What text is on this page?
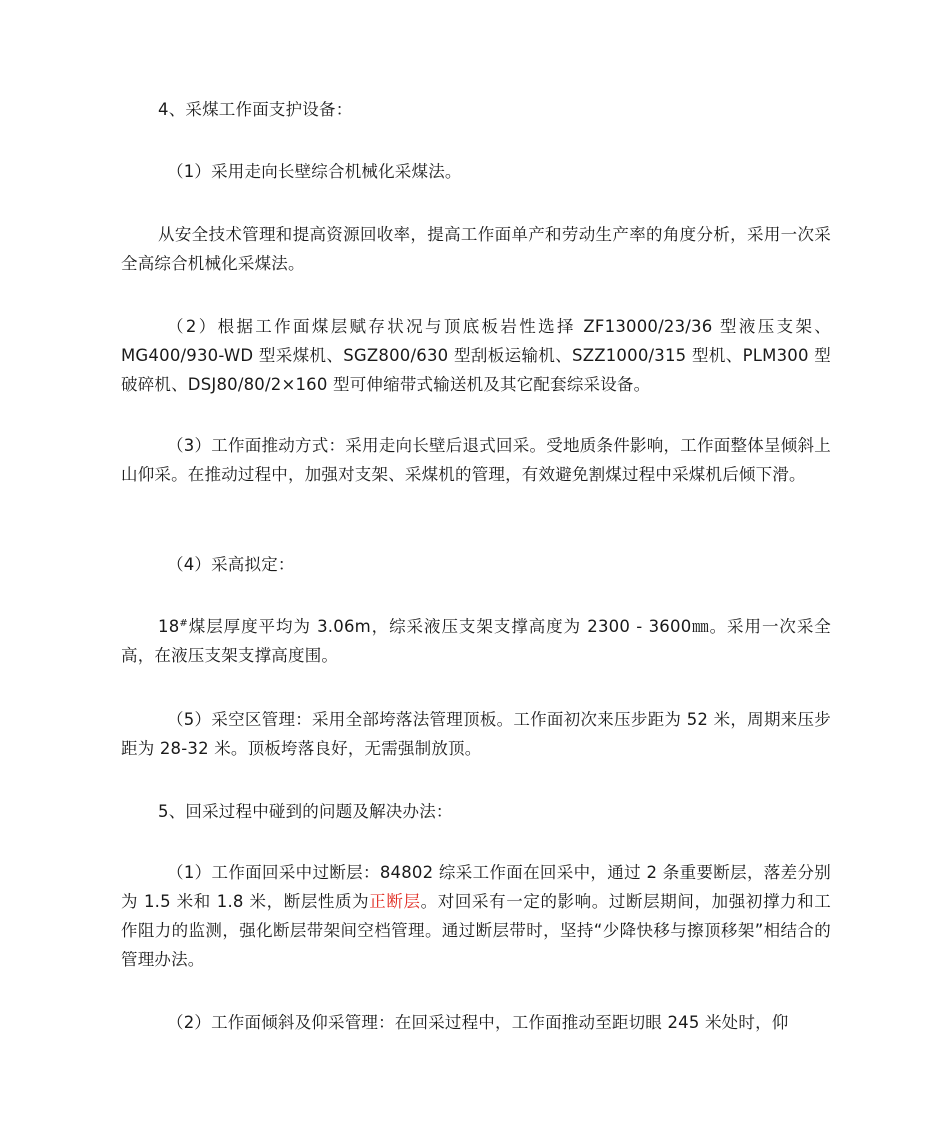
4、采煤工作面支护设备：

（1）采用走向长壁综合机械化采煤法。

从安全技术管理和提高资源回收率，提高工作面单产和劳动生产率的角度分析，采用一次采全高综合机械化采煤法。

（2）根据工作面煤层赋存状况与顶底板岩性选择 ZF13000/23/36 型液压支架、MG400/930-WD 型采煤机、SGZ800/630 型刮板运输机、SZZ1000/315 型机、PLM300 型破碎机、DSJ80/80/2×160 型可伸缩带式输送机及其它配套综采设备。

（3）工作面推动方式：采用走向长壁后退式回采。受地质条件影响，工作面整体呈倾斜上山仰采。在推动过程中，加强对支架、采煤机的管理，有效避免割煤过程中采煤机后倾下滑。

（4）采高拟定：

18#煤层厚度平均为 3.06m，综采液压支架支撑高度为 2300 - 3600㎜。采用一次采全高，在液压支架支撑高度围。

（5）采空区管理：采用全部垮落法管理顶板。工作面初次来压步距为 52 米，周期来压步距为 28-32 米。顶板垮落良好，无需强制放顶。

5、回采过程中碰到的问题及解决办法：

（1）工作面回采中过断层：84802 综采工作面在回采中，通过 2 条重要断层，落差分别为 1.5 米和 1.8 米，断层性质为正断层。对回采有一定的影响。过断层期间，加强初撑力和工作阻力的监测，强化断层带架间空档管理。通过断层带时，坚持“少降快移与擦顶移架”相结合的管理办法。

（2）工作面倾斜及仰采管理：在回采过程中，工作面推动至距切眼 245 米处时，仰
